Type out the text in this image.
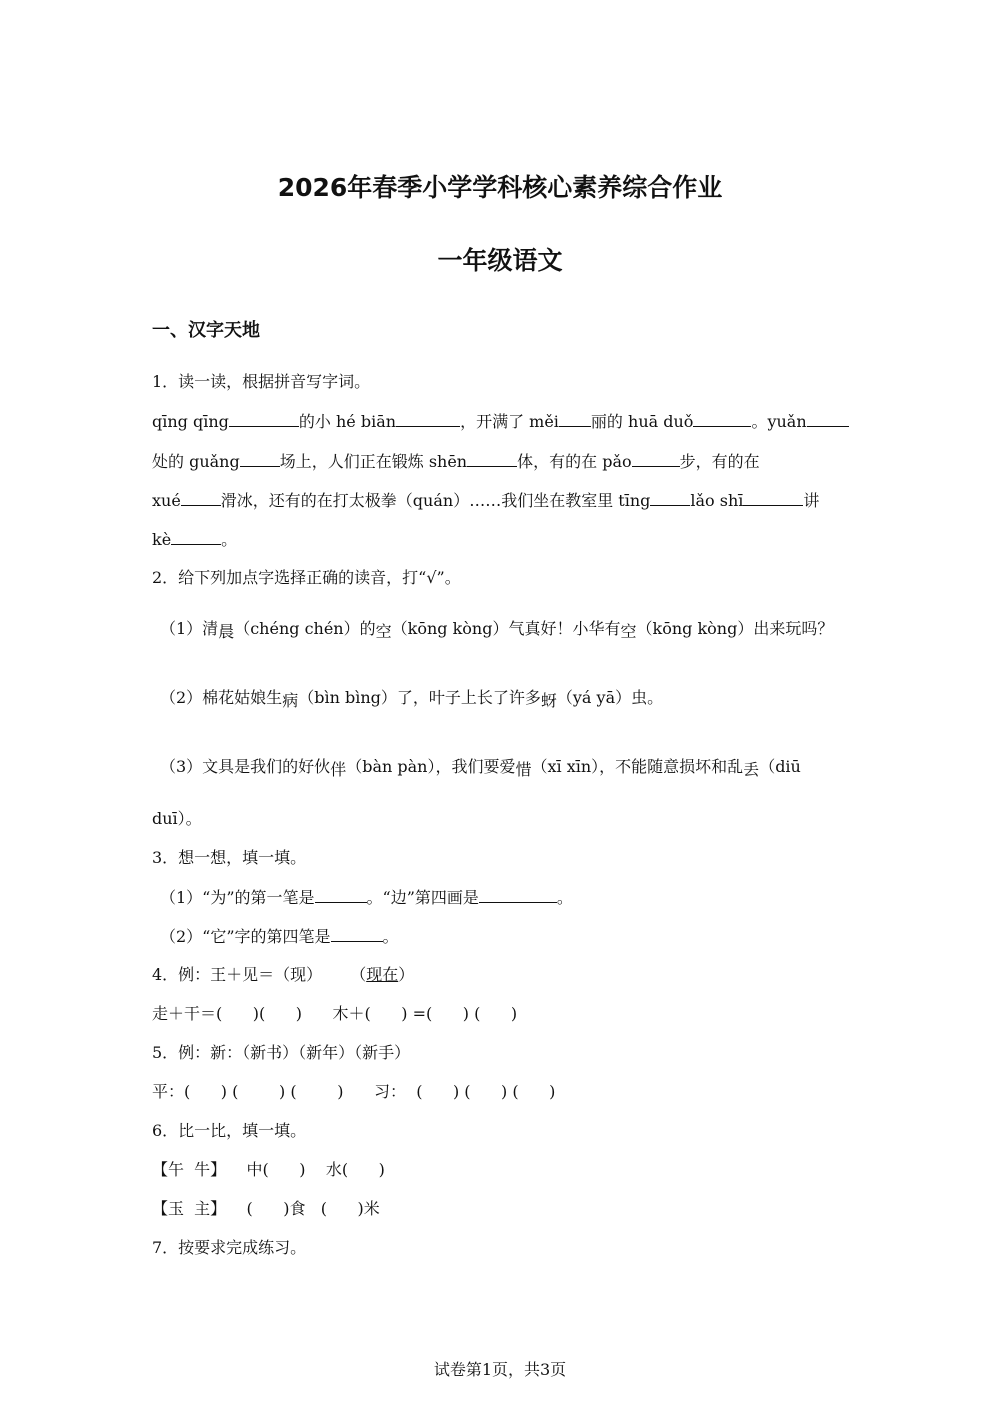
2026年春季小学学科核心素养综合作业
一年级语文
一、汉字天地
1．读一读，根据拼音写字词。
qīng qīng	的小 hé biān	，开满了 měi 丽的 huā duǒ	。yuǎn
处的 guǎng	场上，人们正在锻炼 shēn	体，有的在 pǎo	步，有的在
xué	滑冰，还有的在打太极拳（quán）……我们坐在教室里 tīng	lǎo shī	讲
kè	。
2．给下列加点字选择正确的读音，打“√”。
（1）清晨（chéng chén）的空（kōng kòng）气真好！小华有空（kōng kòng）出来玩吗？
（2）棉花姑娘生病（bìn bìng）了，叶子上长了许多蚜（yá yā）虫。
（3）文具是我们的好伙伴（bàn pàn），我们要爱惜（xī xīn），不能随意损坏和乱丢（diū
duī）。
3．想一想，填一填。
（1）“为”的第一笔是	。“边”第四画是	。
（2）“它”字的第四笔是	。
4．例：王＋见＝（现） （现在）
走＋干＝(      )(      )      木＋(      ) =(      ) (      )
5．例：新：（新书）（新年）（新手）
平：(      ) (        ) (        )      习：  (      ) (      ) (      )
6．比一比，填一填。
【午  牛】    中(      )    水(      )
【玉  主】    (      )食   (      )米
7．按要求完成练习。
试卷第1页，共3页
